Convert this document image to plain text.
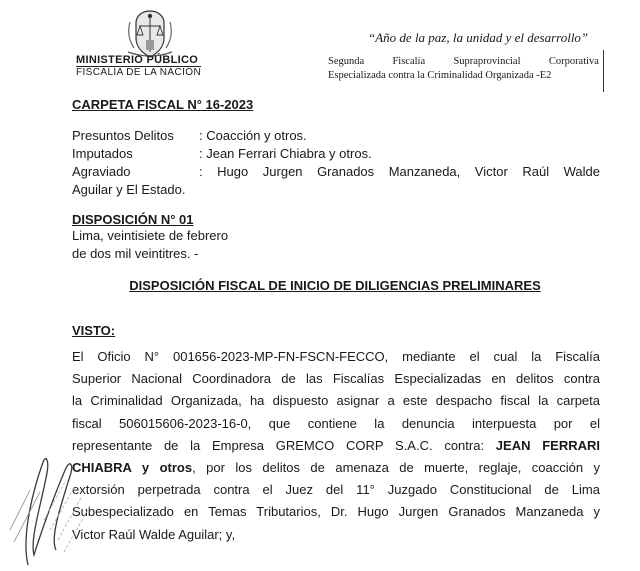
MINISTERIO PÚBLICO
FISCALÍA DE LA NACIÓN
“Año de la paz, la unidad y el desarrollo”
Segunda	Fiscalía	Supraprovincial	Corporativa
Especializada contra la Criminalidad Organizada -E2
CARPETA FISCAL N° 16-2023
Presuntos Delitos : Coacción y otros.
Imputados	: Jean Ferrari Chiabra y otros.
Agraviado	: Hugo Jurgen Granados Manzaneda, Victor Raúl Walde
Aguilar y El Estado.
DISPOSICIÓN N° 01
Lima, veintisiete de febrero
de dos mil veintitres. -
DISPOSICIÓN FISCAL DE INICIO DE DILIGENCIAS PRELIMINARES
VISTO:
El Oficio N° 001656-2023-MP-FN-FSCN-FECCO, mediante el cual la Fiscalía
Superior Nacional Coordinadora de las Fiscalías Especializadas en delitos contra
la Criminalidad Organizada, ha dispuesto asignar a este despacho fiscal la carpeta
fiscal 506015606-2023-16-0, que contiene la denuncia interpuesta por el
representante de la Empresa GREMCO CORP S.A.C. contra: JEAN FERRARI
CHIABRA y otros, por los delitos de amenaza de muerte, reglaje, coacción y
extorsión perpetrada contra el Juez del 11° Juzgado Constitucional de Lima
Subespecializado en Temas Tributarios, Dr. Hugo Jurgen Granados Manzaneda y
Victor Raúl Walde Aguilar; y,
